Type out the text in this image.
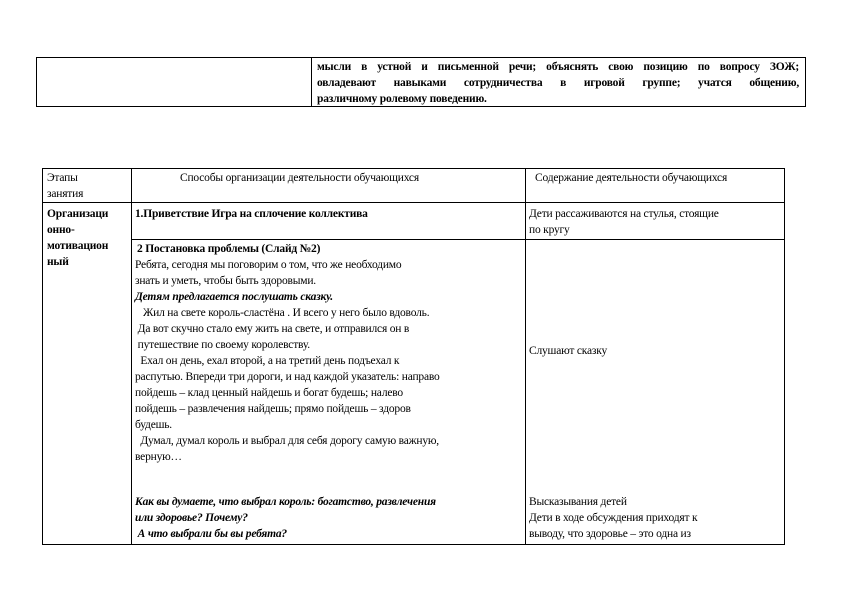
мысли в устной и письменной речи; объяснять свою позицию по вопросу ЗОЖ;
овладевают навыками сотрудничества в игровой группе; учатся общению,
различному ролевому поведению.
Этапы
занятия
Способы организации деятельности обучающихся	Содержание деятельности обучающихся
Организаци
онно-
мотивацион
ный
1.Приветствие Игра на сплочение коллектива	Дети рассаживаются на стулья, стоящие
по кругу
2 Постановка проблемы (Слайд №2)
Ребята, сегодня мы поговорим о том, что же необходимо
знать и уметь, чтобы быть здоровыми.
Детям предлагается послушать сказку.
Жил на свете король-сластёна . И всего у него было вдоволь.
Да вот скучно стало ему жить на свете, и отправился он в
путешествие по своему королевству.
Ехал он день, ехал второй, а на третий день подъехал к
распутью. Впереди три дороги, и над каждой указатель: направо
пойдешь – клад ценный найдешь и богат будешь; налево
пойдешь – развлечения найдешь; прямо пойдешь – здоров
будешь.
Думал, думал король и выбрал для себя дорогу самую важную,
верную…
Как вы думаете, что выбрал король: богатство, развлечения
или здоровье? Почему?
А что выбрали бы вы ребята?
Слушают сказку
Высказывания детей
Дети в ходе обсуждения приходят к
выводу, что здоровье – это одна из
